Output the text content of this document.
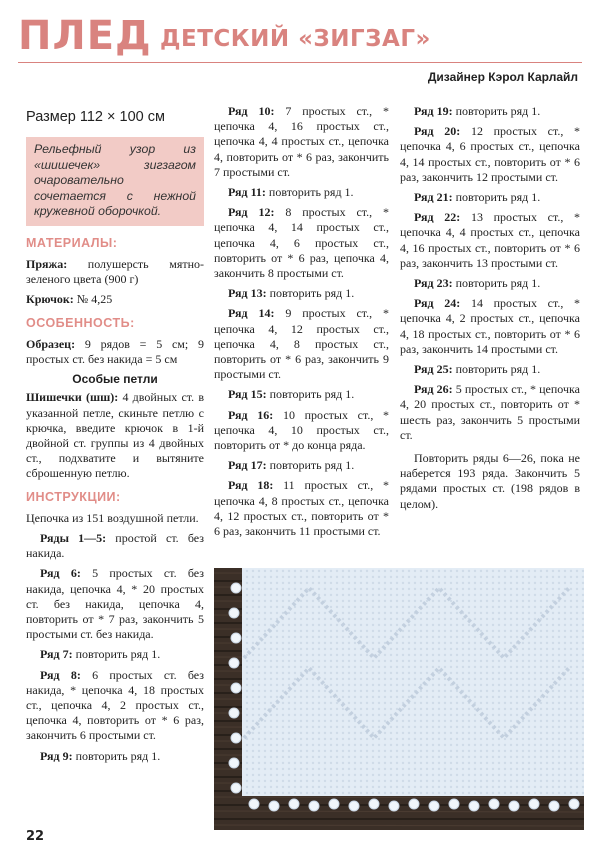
ПЛЕД ДЕТСКИЙ «ЗИГЗАГ»
Дизайнер Кэрол Карлайл
Размер 112 × 100 см
Рельефный узор из «шишечек» зигзагом очаровательно сочетается с нежной кружевной оборочкой.
МАТЕРИАЛЫ:

Пряжа: полушерсть мятно-зеленого цвета (900 г)

Крючок: № 4,25

ОСОБЕННОСТЬ:

Образец: 9 рядов = 5 см; 9 простых ст. без накида = 5 см

Особые петли

Шишечки (шш): 4 двойных ст. в указанной петле, скиньте петлю с крючка, введите крючок в 1-й двойной ст. группы из 4 двойных ст., подхватите и вытяните сброшенную петлю.

ИНСТРУКЦИИ:

Цепочка из 151 воздушной петли.

Ряды 1—5: простой ст. без накида.

Ряд 6: 5 простых ст. без накида, цепочка 4, * 20 простых ст. без накида, цепочка 4, повторить от * 7 раз, закончить 5 простыми ст. без накида.

Ряд 7: повторить ряд 1.

Ряд 8: 6 простых ст. без накида, * цепочка 4, 18 простых ст., цепочка 4, 2 простых ст., цепочка 4, повторить от * 6 раз, закончить 6 простыми ст.

Ряд 9: повторить ряд 1.

Ряд 10: 7 простых ст., * цепочка 4, 16 простых ст., цепочка 4, 4 простых ст., цепочка 4, повторить от * 6 раз, закончить 7 простыми ст.

Ряд 11: повторить ряд 1.

Ряд 12: 8 простых ст., * цепочка 4, 14 простых ст., цепочка 4, 6 простых ст., повторить от * 6 раз, цепочка 4, закончить 8 простыми ст.

Ряд 13: повторить ряд 1.

Ряд 14: 9 простых ст., * цепочка 4, 12 простых ст., цепочка 4, 8 простых ст., повторить от * 6 раз, закончить 9 простыми ст.

Ряд 15: повторить ряд 1.

Ряд 16: 10 простых ст., * цепочка 4, 10 простых ст., повторить от * до конца ряда.

Ряд 17: повторить ряд 1.

Ряд 18: 11 простых ст., * цепочка 4, 8 простых ст., цепочка 4, 12 простых ст., повторить от * 6 раз, закончить 11 простыми ст.

Ряд 19: повторить ряд 1.

Ряд 20: 12 простых ст., * цепочка 4, 6 простых ст., цепочка 4, 14 простых ст., повторить от * 6 раз, закончить 12 простыми ст.

Ряд 21: повторить ряд 1.

Ряд 22: 13 простых ст., * цепочка 4, 4 простых ст., цепочка 4, 16 простых ст., повторить от * 6 раз, закончить 13 простыми ст.

Ряд 23: повторить ряд 1.

Ряд 24: 14 простых ст., * цепочка 4, 2 простых ст., цепочка 4, 18 простых ст., повторить от * 6 раз, закончить 14 простыми ст.

Ряд 25: повторить ряд 1.

Ряд 26: 5 простых ст., * цепочка 4, 20 простых ст., повторить от * шесть раз, закончить 5 простыми ст.

Повторить ряды 6—26, пока не наберется 193 ряда. Закончить 5 рядами простых ст. (198 рядов в целом).

22
